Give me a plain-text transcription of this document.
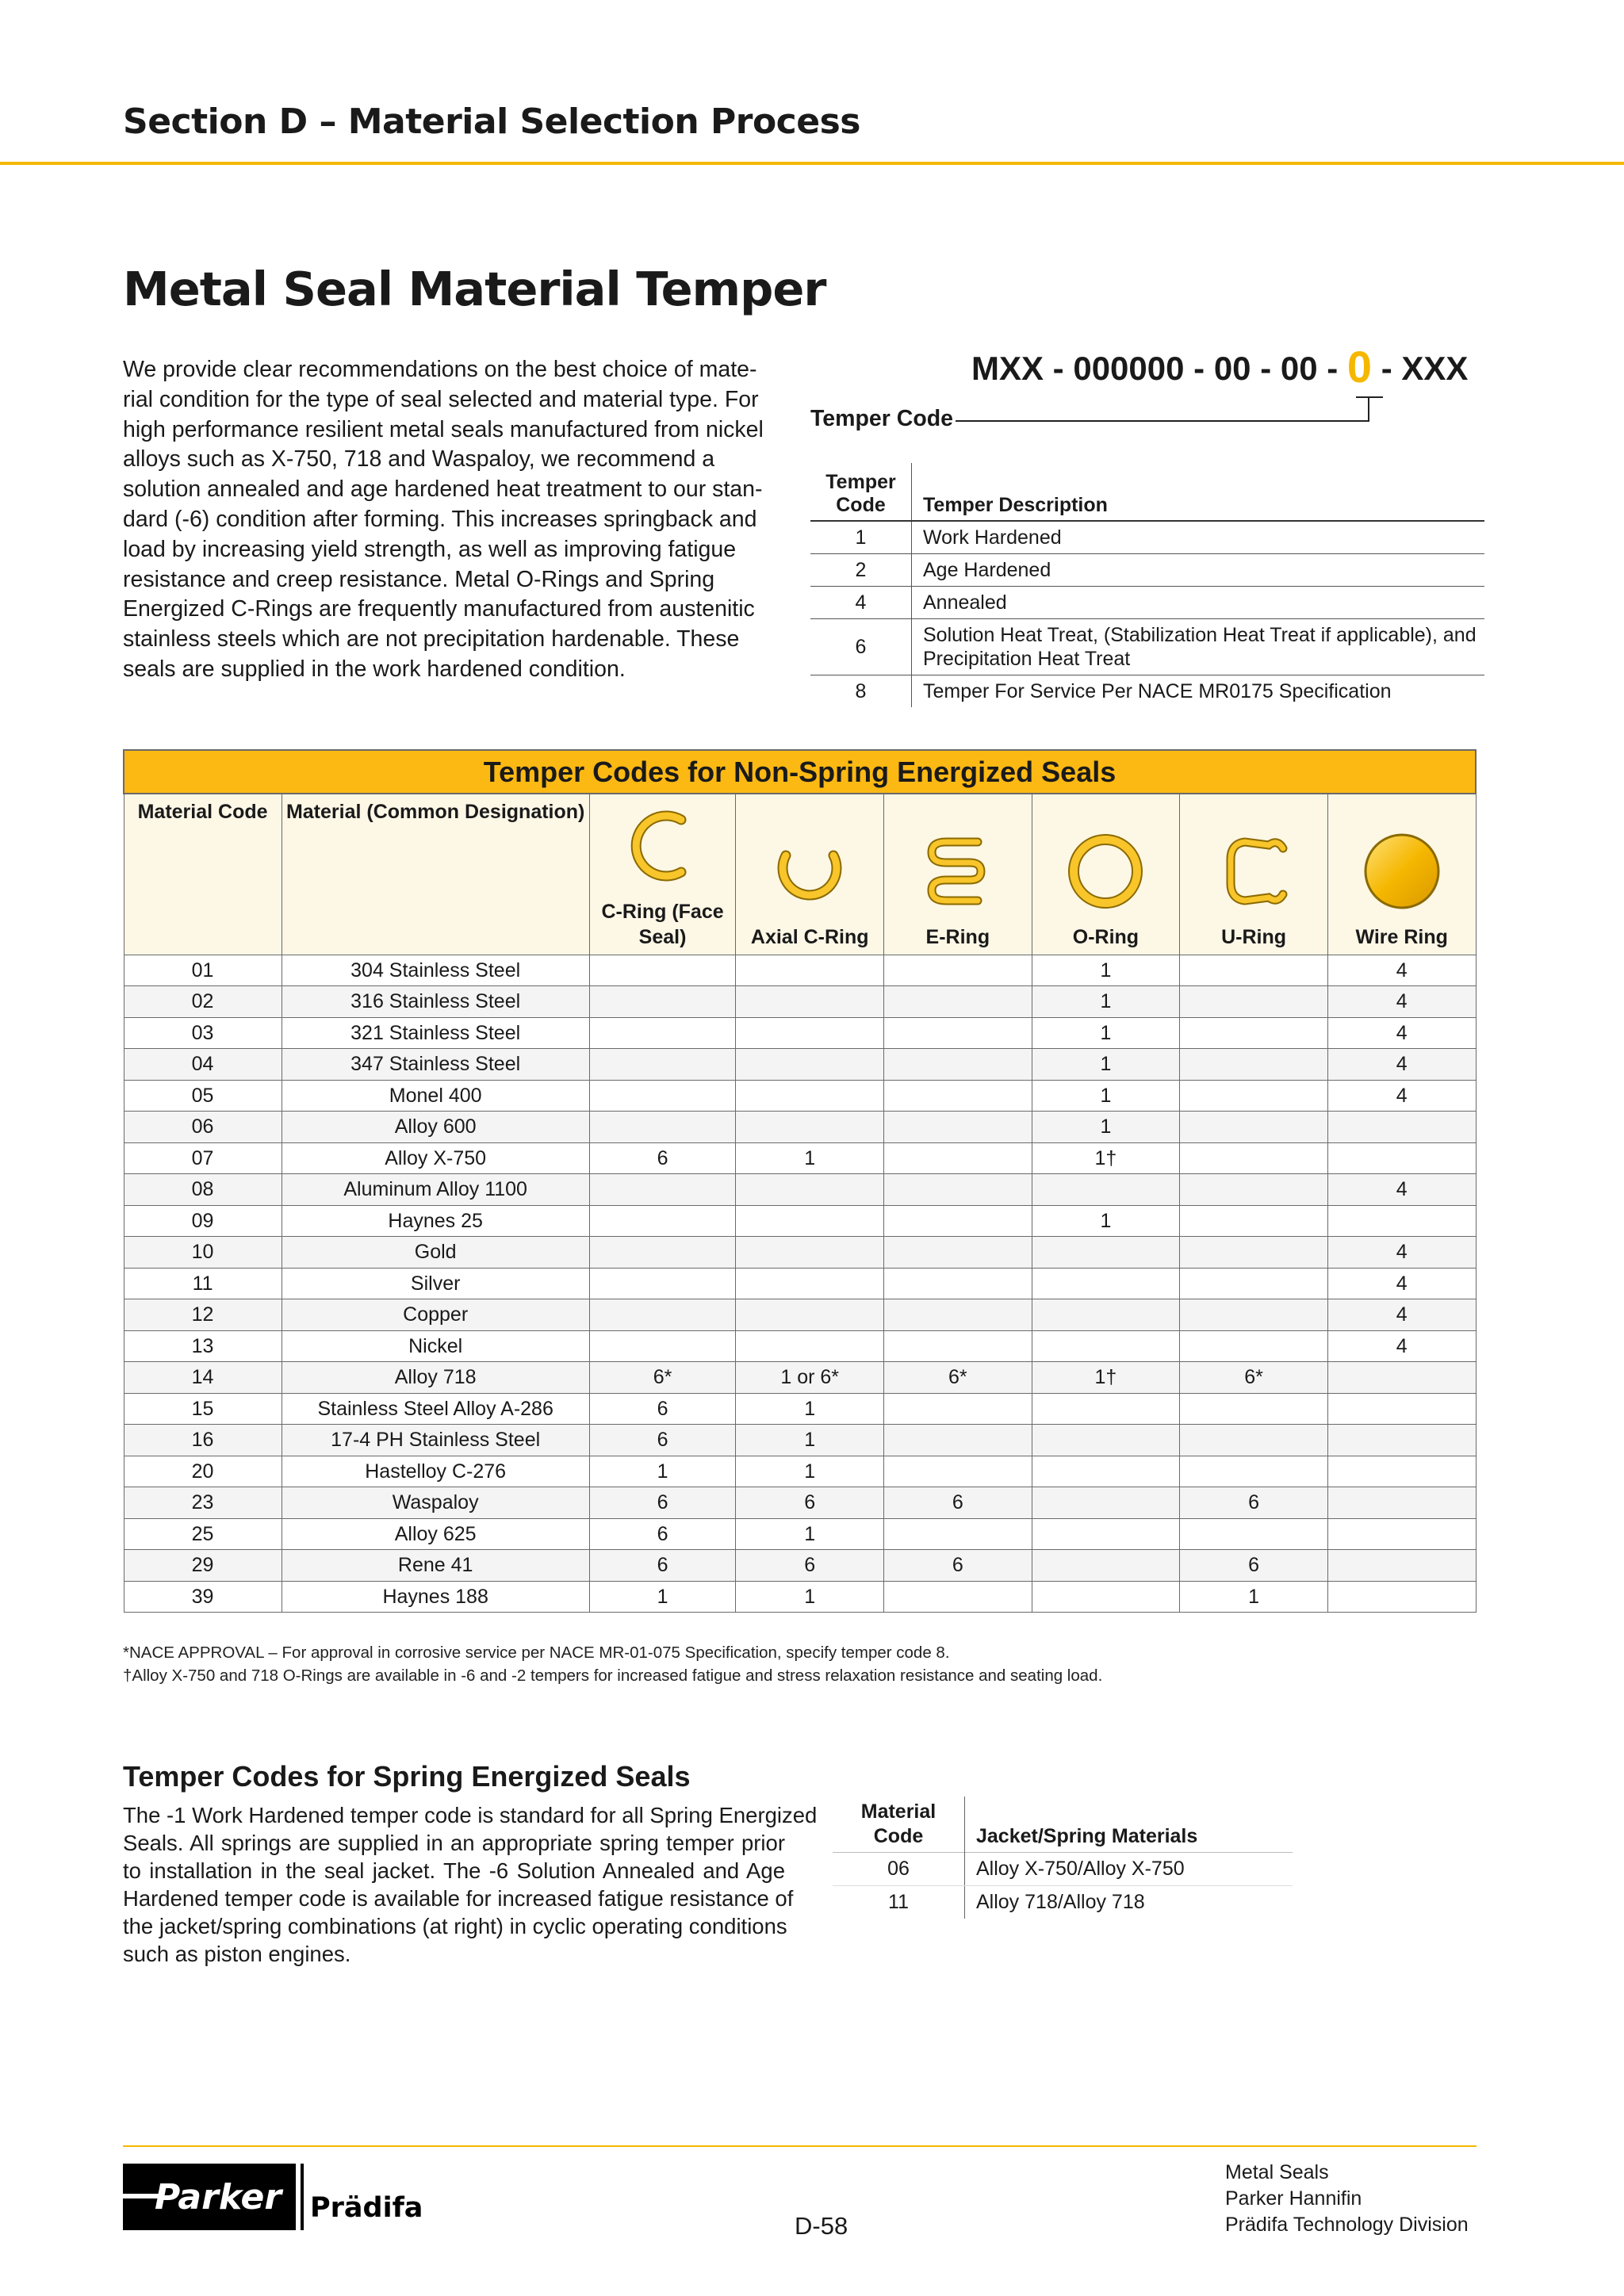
Section D – Material Selection Process
Metal Seal Material Temper
We provide clear recommendations on the best choice of mate-
rial condition for the type of seal selected and material type. For
high performance resilient metal seals manufactured from nickel
alloys such as X-750, 718 and Waspaloy, we recommend a
solution annealed and age hardened heat treatment to our stan-
dard (-6) condition after forming. This increases springback and
load by increasing yield strength, as well as improving fatigue
resistance and creep resistance. Metal O-Rings and Spring
Energized C-Rings are frequently manufactured from austenitic
stainless steels which are not precipitation hardenable. These
seals are supplied in the work hardened condition.
MXX - 000000 - 00 - 00 - 0 - XXX
Temper Code
Temper Code	Temper Description
1	Work Hardened
2	Age Hardened
4	Annealed
6	Solution Heat Treat, (Stabilization Heat Treat if applicable), and Precipitation Heat Treat
8	Temper For Service Per NACE MR0175 Specification
Temper Codes for Non-Spring Energized Seals							
Material Code	Material (Common Designation)	C-Ring (Face Seal)	Axial C-Ring	E-Ring	O-Ring	U-Ring	Wire Ring

01	304 Stainless Steel				1		4
02	316 Stainless Steel				1		4
03	321 Stainless Steel				1		4
04	347 Stainless Steel				1		4
05	Monel 400				1		4
06	Alloy 600				1		
07	Alloy X-750	6	1		1†		
08	Aluminum Alloy 1100						4
09	Haynes 25				1		
10	Gold						4
11	Silver						4
12	Copper						4
13	Nickel						4
14	Alloy 718	6*	1 or 6*	6*	1†	6*	
15	Stainless Steel Alloy A-286	6	1				
16	17-4 PH Stainless Steel	6	1				
20	Hastelloy C-276	1	1				
23	Waspaloy	6	6	6		6	
25	Alloy 625	6	1				
29	Rene 41	6	6	6		6	
39	Haynes 188	1	1			1	
*NACE APPROVAL – For approval in corrosive service per NACE MR-01-075 Specification, specify temper code 8.
†Alloy X-750 and 718 O-Rings are available in -6 and -2 tempers for increased fatigue and stress relaxation resistance and seating load.
Temper Codes for Spring Energized Seals
The -1 Work Hardened temper code is standard for all Spring Energized
Seals. All springs are supplied in an appropriate spring temper prior
to installation in the seal jacket. The -6 Solution Annealed and Age
Hardened temper code is available for increased fatigue resistance of
the jacket/spring combinations (at right) in cyclic operating conditions
such as piston engines.
Material Code	Jacket/Spring Materials
06	Alloy X-750/Alloy X-750
11	Alloy 718/Alloy 718
Parker Prädifa
D-58
Metal Seals
Parker Hannifin
Prädifa Technology Division
